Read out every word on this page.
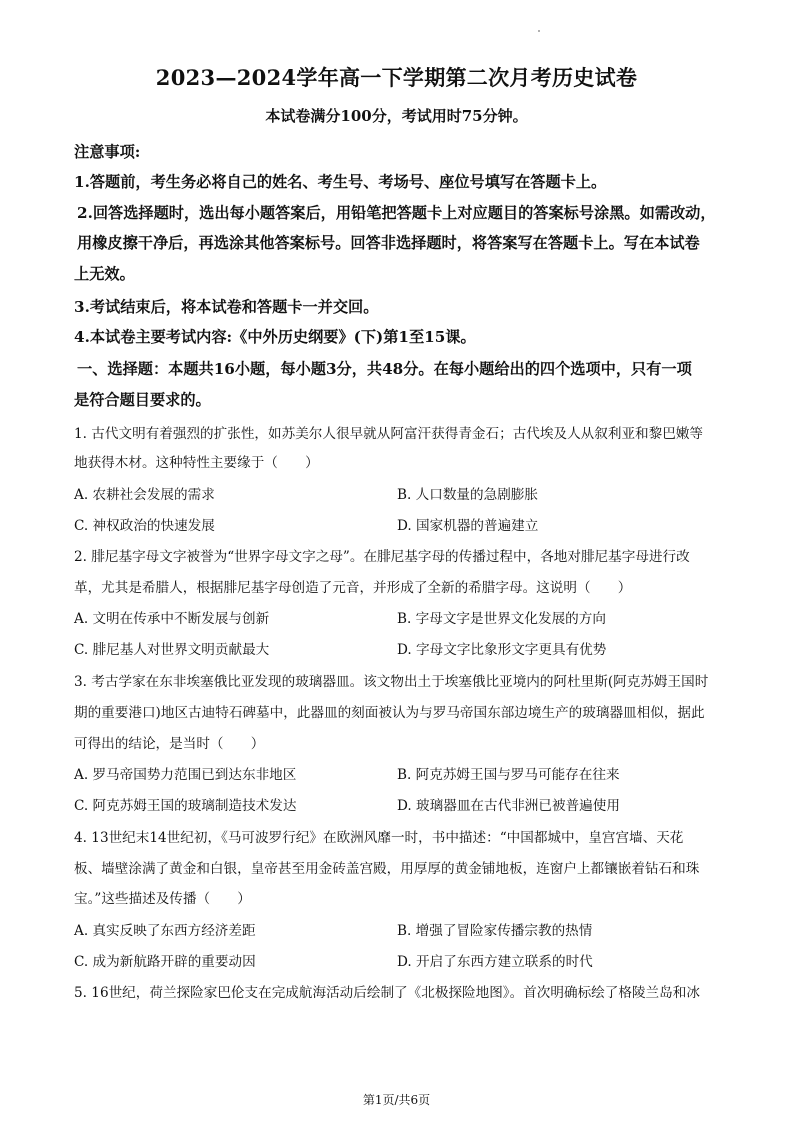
2023—2024学年高一下学期第二次月考历史试卷
本试卷满分100分，考试用时75分钟。
注意事项:
1.答题前，考生务必将自己的姓名、考生号、考场号、座位号填写在答题卡上。
2.回答选择题时，选出每小题答案后，用铅笔把答题卡上对应题目的答案标号涂黑。如需改动，
用橡皮擦干净后，再选涂其他答案标号。回答非选择题时，将答案写在答题卡上。写在本试卷
上无效。
3.考试结束后，将本试卷和答题卡一并交回。
4.本试卷主要考试内容:《中外历史纲要》(下)第1至15课。
一、选择题：本题共16小题，每小题3分，共48分。在每小题给出的四个选项中，只有一项
是符合题目要求的。
1. 古代文明有着强烈的扩张性，如苏美尔人很早就从阿富汗获得青金石；古代埃及人从叙利亚和黎巴嫩等
地获得木材。这种特性主要缘于（　　）
A. 农耕社会发展的需求	B. 人口数量的急剧膨胀
C. 神权政治的快速发展	D. 国家机器的普遍建立
2. 腓尼基字母文字被誉为“世界字母文字之母”。在腓尼基字母的传播过程中，各地对腓尼基字母进行改
革，尤其是希腊人，根据腓尼基字母创造了元音，并形成了全新的希腊字母。这说明（　　）
A. 文明在传承中不断发展与创新	B. 字母文字是世界文化发展的方向
C. 腓尼基人对世界文明贡献最大	D. 字母文字比象形文字更具有优势
3. 考古学家在东非埃塞俄比亚发现的玻璃器皿。该文物出土于埃塞俄比亚境内的阿杜里斯(阿克苏姆王国时
期的重要港口)地区古迪特石碑墓中，此器皿的刻面被认为与罗马帝国东部边境生产的玻璃器皿相似，据此
可得出的结论，是当时（　　）
A. 罗马帝国势力范围已到达东非地区	B. 阿克苏姆王国与罗马可能存在往来
C. 阿克苏姆王国的玻璃制造技术发达	D. 玻璃器皿在古代非洲已被普遍使用
4. 13世纪末14世纪初，《马可波罗行纪》在欧洲风靡一时，书中描述：“中国都城中，皇宫宫墙、天花
板、墙壁涂满了黄金和白银，皇帝甚至用金砖盖宫殿，用厚厚的黄金铺地板，连窗户上都镶嵌着钻石和珠
宝。”这些描述及传播（　　）
A. 真实反映了东西方经济差距	B. 增强了冒险家传播宗教的热情
C. 成为新航路开辟的重要动因	D. 开启了东西方建立联系的时代
5. 16世纪，荷兰探险家巴伦支在完成航海活动后绘制了《北极探险地图》。首次明确标绘了格陵兰岛和冰
第1页/共6页
